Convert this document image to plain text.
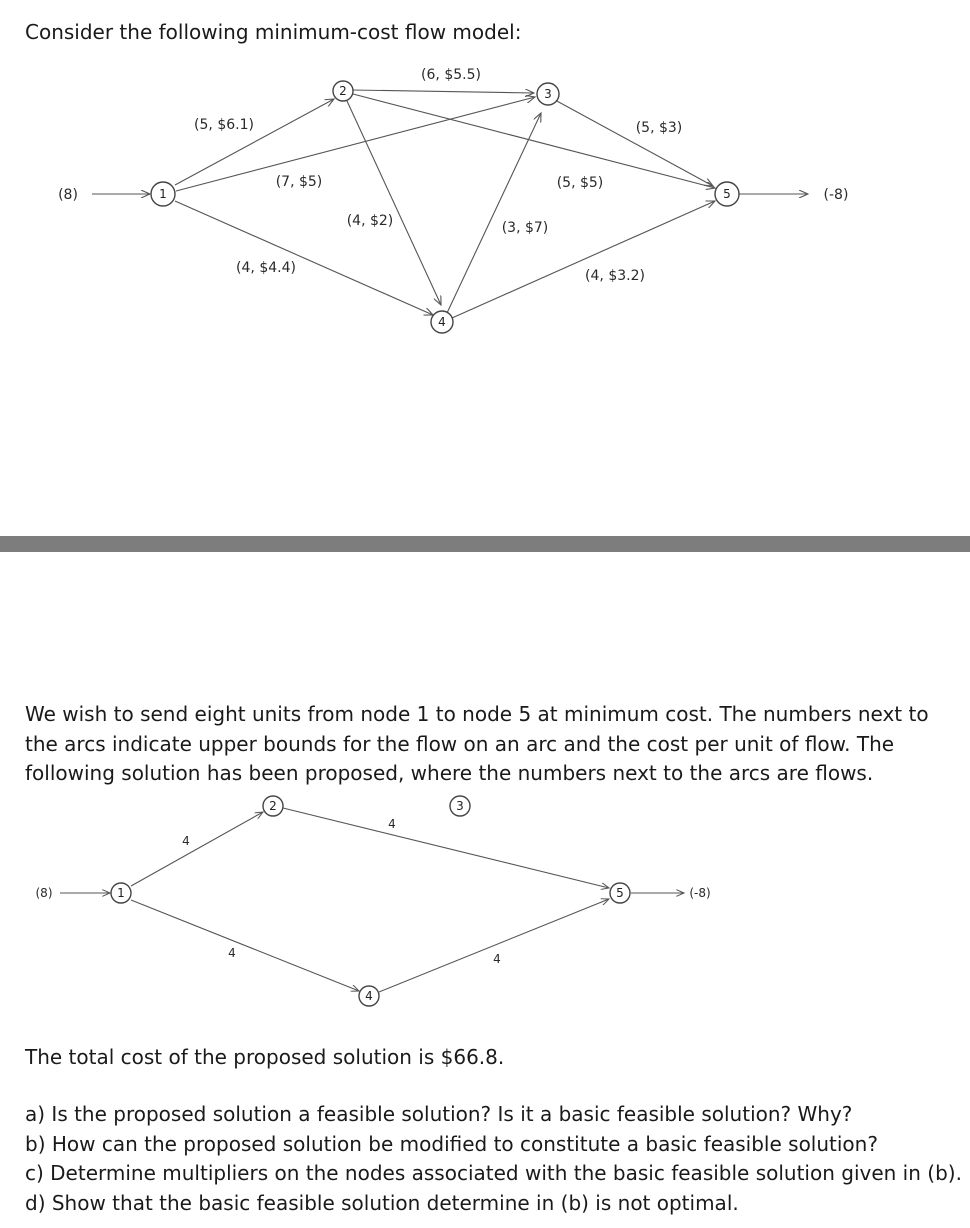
Consider the following minimum-cost flow model:

(5, $6.1)
(7, $5)
(4, $4.4)
(6, $5.5)
(4, $2)
(5, $5)
(3, $7)
(5, $3)
(4, $3.2)
(8)	(-8)
1
2	3
4
5

We wish to send eight units from node 1 to node 5 at minimum cost. The numbers next to the arcs indicate upper bounds for the flow on an arc and the cost per unit of flow. The following solution has been proposed, where the numbers next to the arcs are flows.

4
4
4	4
(8)	(-8)
1
2	3
4
5

The total cost of the proposed solution is $66.8.

a) Is the proposed solution a feasible solution? Is it a basic feasible solution? Why?
b) How can the proposed solution be modified to constitute a basic feasible solution?
c) Determine multipliers on the nodes associated with the basic feasible solution given in (b).
d) Show that the basic feasible solution determine in (b) is not optimal.
